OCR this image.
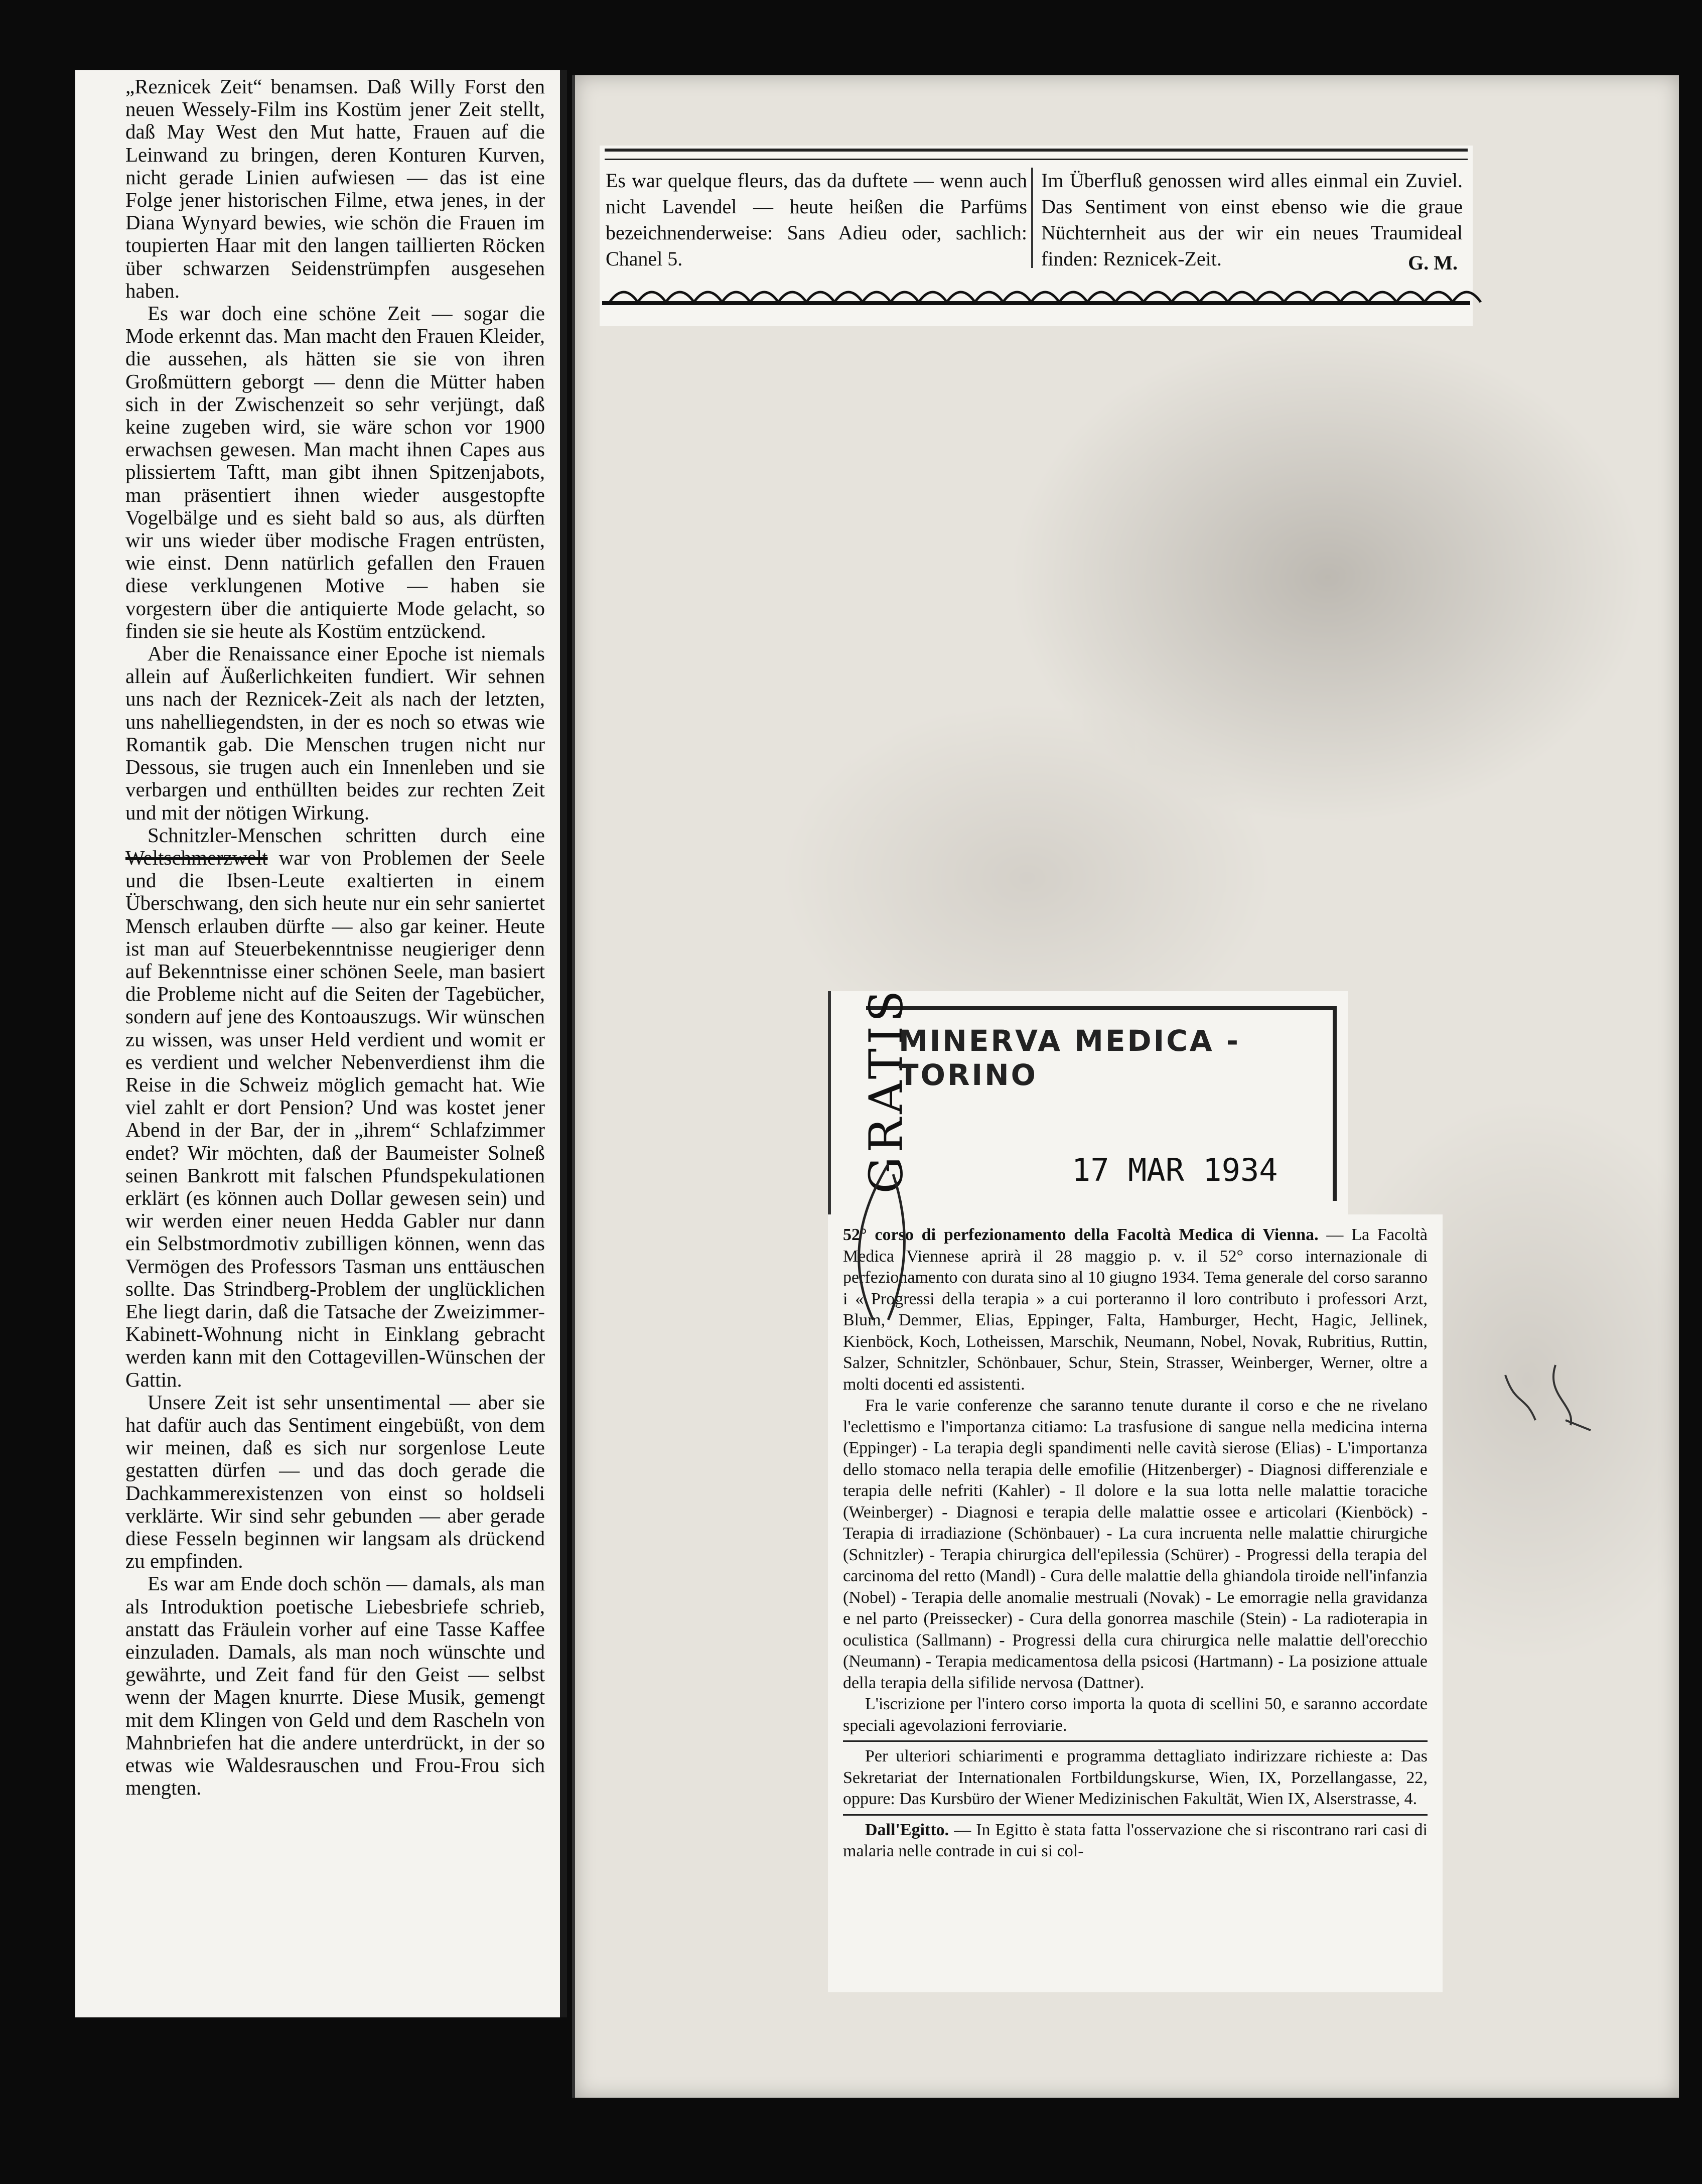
„Reznicek Zeit“ benamsen. Daß Willy Forst den neuen Wessely-Film ins Kostüm jener Zeit stellt, daß May West den Mut hatte, Frauen auf die Leinwand zu bringen, deren Konturen Kurven, nicht gerade Linien aufwiesen — das ist eine Folge jener historischen Filme, etwa jenes, in der Diana Wynyard bewies, wie schön die Frauen im toupierten Haar mit den langen taillierten Röcken über schwarzen Seidenstrümpfen ausgesehen haben.

Es war doch eine schöne Zeit — sogar die Mode erkennt das. Man macht den Frauen Kleider, die aussehen, als hätten sie sie von ihren Großmüttern geborgt — denn die Mütter haben sich in der Zwischenzeit so sehr verjüngt, daß keine zugeben wird, sie wäre schon vor 1900 erwachsen gewesen. Man macht ihnen Capes aus plissiertem Taftt, man gibt ihnen Spitzenjabots, man präsentiert ihnen wieder ausgestopfte Vogelbälge und es sieht bald so aus, als dürften wir uns wieder über modische Fragen entrüsten, wie einst. Denn natürlich gefallen den Frauen diese verklungenen Motive — haben sie vorgestern über die antiquierte Mode gelacht, so finden sie sie heute als Kostüm entzückend.

Aber die Renaissance einer Epoche ist niemals allein auf Äußerlichkeiten fundiert. Wir sehnen uns nach der Reznicek-Zeit als nach der letzten, uns nahelliegendsten, in der es noch so etwas wie Romantik gab. Die Menschen trugen nicht nur Dessous, sie trugen auch ein Innenleben und sie verbargen und enthüllten beides zur rechten Zeit und mit der nötigen Wirkung.

Schnitzler-Menschen schritten durch eine Weltschmerzwelt war von Problemen der Seele und die Ibsen-Leute exaltierten in einem Überschwang, den sich heute nur ein sehr saniertet Mensch erlauben dürfte — also gar keiner. Heute ist man auf Steuerbekenntnisse neugieriger denn auf Bekenntnisse einer schönen Seele, man basiert die Probleme nicht auf die Seiten der Tagebücher, sondern auf jene des Kontoauszugs. Wir wünschen zu wissen, was unser Held verdient und womit er es verdient und welcher Nebenverdienst ihm die Reise in die Schweiz möglich gemacht hat. Wie viel zahlt er dort Pension? Und was kostet jener Abend in der Bar, der in „ihrem“ Schlafzimmer endet? Wir möchten, daß der Baumeister Solneß seinen Bankrott mit falschen Pfundspekulationen erklärt (es können auch Dollar gewesen sein) und wir werden einer neuen Hedda Gabler nur dann ein Selbstmordmotiv zubilligen können, wenn das Vermögen des Professors Tasman uns enttäuschen sollte. Das Strindberg-Problem der unglücklichen Ehe liegt darin, daß die Tatsache der Zweizimmer-Kabinett-Wohnung nicht in Einklang gebracht werden kann mit den Cottagevillen-Wünschen der Gattin.

Unsere Zeit ist sehr unsentimental — aber sie hat dafür auch das Sentiment eingebüßt, von dem wir meinen, daß es sich nur sorgenlose Leute gestatten dürfen — und das doch gerade die Dachkammerexistenzen von einst so holdseli verklärte. Wir sind sehr gebunden — aber gerade diese Fesseln beginnen wir langsam als drückend zu empfinden.

Es war am Ende doch schön — damals, als man als Introduktion poetische Liebesbriefe schrieb, anstatt das Fräulein vorher auf eine Tasse Kaffee einzuladen. Damals, als man noch wünschte und gewährte, und Zeit fand für den Geist — selbst wenn der Magen knurrte. Diese Musik, gemengt mit dem Klingen von Geld und dem Rascheln von Mahnbriefen hat die andere unterdrückt, in der so etwas wie Waldesrauschen und Frou-Frou sich mengten.

Es war quelque fleurs, das da duftete — wenn auch nicht Lavendel — heute heißen die Parfüms bezeichnenderweise: Sans Adieu oder, sachlich: Chanel 5.
Im Überfluß genossen wird alles einmal ein Zuviel. Das Sentiment von einst ebenso wie die graue Nüchternheit aus der wir ein neues Traumideal finden: Reznicek-Zeit.	G. M.
GRATIS
MINERVA MEDICA - TORINO
17 MAR 1934

52° corso di perfezionamento della Facoltà Medica di Vienna. — La Facoltà Medica Viennese aprirà il 28 maggio p. v. il 52° corso internazionale di perfezionamento con durata sino al 10 giugno 1934. Tema generale del corso saranno i « Progressi della terapia » a cui porteranno il loro contributo i professori Arzt, Blum, Demmer, Elias, Eppinger, Falta, Hamburger, Hecht, Hagic, Jellinek, Kienböck, Koch, Lotheissen, Marschik, Neumann, Nobel, Novak, Rubritius, Ruttin, Salzer, Schnitzler, Schönbauer, Schur, Stein, Strasser, Weinberger, Werner, oltre a molti docenti ed assistenti.

Fra le varie conferenze che saranno tenute durante il corso e che ne rivelano l'eclettismo e l'importanza citiamo: La trasfusione di sangue nella medicina interna (Eppinger) - La terapia degli spandimenti nelle cavità sierose (Elias) - L'importanza dello stomaco nella terapia delle emofilie (Hitzenberger) - Diagnosi differenziale e terapia delle nefriti (Kahler) - Il dolore e la sua lotta nelle malattie toraciche (Weinberger) - Diagnosi e terapia delle malattie ossee e articolari (Kienböck) - Terapia di irradiazione (Schönbauer) - La cura incruenta nelle malattie chirurgiche (Schnitzler) - Terapia chirurgica dell'epilessia (Schürer) - Progressi della terapia del carcinoma del retto (Mandl) - Cura delle malattie della ghiandola tiroide nell'infanzia (Nobel) - Terapia delle anomalie mestruali (Novak) - Le emorragie nella gravidanza e nel parto (Preissecker) - Cura della gonorrea maschile (Stein) - La radioterapia in oculistica (Sallmann) - Progressi della cura chirurgica nelle malattie dell'orecchio (Neumann) - Terapia medicamentosa della psicosi (Hartmann) - La posizione attuale della terapia della sifilide nervosa (Dattner).

L'iscrizione per l'intero corso importa la quota di scellini 50, e saranno accordate speciali agevolazioni ferroviarie.

Per ulteriori schiarimenti e programma dettagliato indirizzare richieste a: Das Sekretariat der Internationalen Fortbildungskurse, Wien, IX, Porzellangasse, 22, oppure: Das Kursbüro der Wiener Medizinischen Fakultät, Wien IX, Alserstrasse, 4.

Dall'Egitto. — In Egitto è stata fatta l'osservazione che si riscontrano rari casi di malaria nelle contrade in cui si col-
